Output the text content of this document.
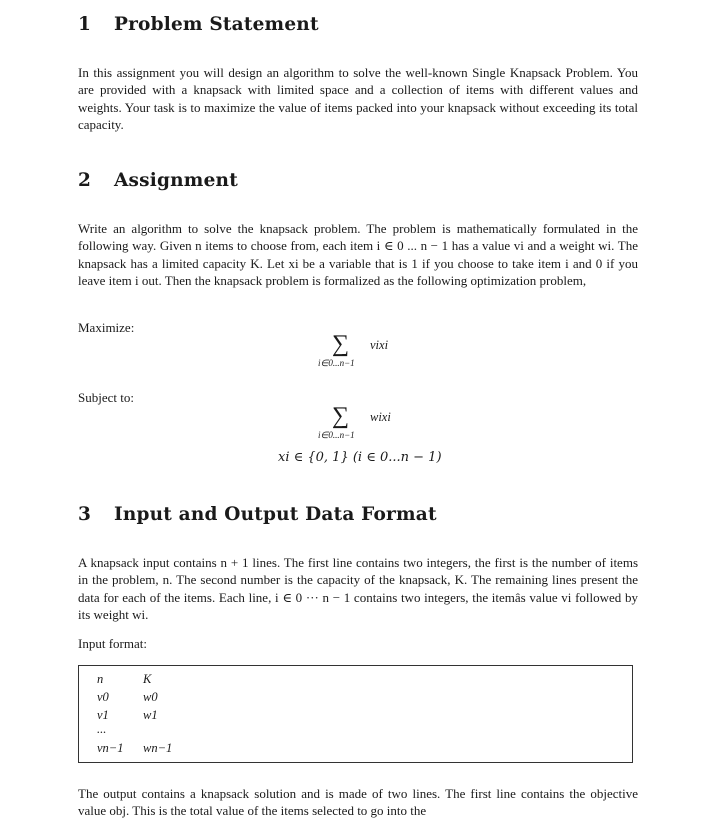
1 Problem Statement
In this assignment you will design an algorithm to solve the well-known Single Knapsack Problem. You are provided with a knapsack with limited space and a collection of items with different values and weights. Your task is to maximize the value of items packed into your knapsack without exceeding its total capacity.
2 Assignment
Write an algorithm to solve the knapsack problem. The problem is mathematically formulated in the following way. Given n items to choose from, each item i ∈ 0 ... n − 1 has a value vi and a weight wi. The knapsack has a limited capacity K. Let xi be a variable that is 1 if you choose to take item i and 0 if you leave item i out. Then the knapsack problem is formalized as the following optimization problem,
Maximize:
∑ vixi
i∈0...n−1
Subject to:
∑ wixi
i∈0...n−1
xi ∈ {0, 1} (i ∈ 0...n − 1)
3 Input and Output Data Format
A knapsack input contains n + 1 lines. The first line contains two integers, the first is the number of items in the problem, n. The second number is the capacity of the knapsack, K. The remaining lines present the data for each of the items. Each line, i ∈ 0 ··· n − 1 contains two integers, the itemâs value vi followed by its weight wi.
Input format:
n	K
v0	w0
v1	w1
...
vn−1 wn−1
The output contains a knapsack solution and is made of two lines. The first line contains the objective value obj. This is the total value of the items selected to go into the
